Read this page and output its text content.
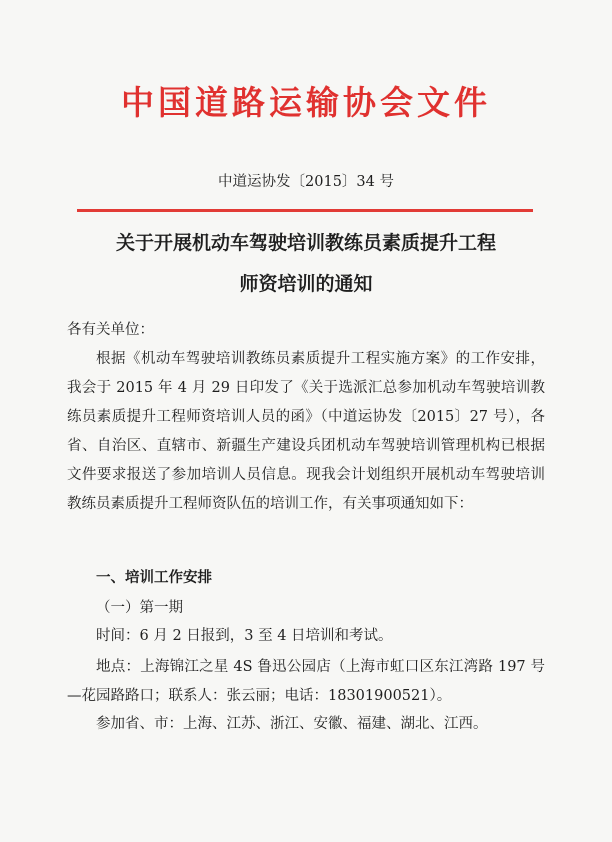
中国道路运输协会文件
中道运协发〔2015〕34 号
关于开展机动车驾驶培训教练员素质提升工程
师资培训的通知

各有关单位：

根据《机动车驾驶培训教练员素质提升工程实施方案》的工作安排，我会于 2015 年 4 月 29 日印发了《关于选派汇总参加机动车驾驶培训教练员素质提升工程师资培训人员的函》（中道运协发〔2015〕27 号），各省、自治区、直辖市、新疆生产建设兵团机动车驾驶培训管理机构已根据文件要求报送了参加培训人员信息。现我会计划组织开展机动车驾驶培训教练员素质提升工程师资队伍的培训工作，有关事项通知如下：

一、培训工作安排

（一）第一期

时间：6 月 2 日报到，3 至 4 日培训和考试。

地点：上海锦江之星 4S 鲁迅公园店（上海市虹口区东江湾路 197 号—花园路路口；联系人：张云丽；电话：18301900521）。

参加省、市：上海、江苏、浙江、安徽、福建、湖北、江西。
